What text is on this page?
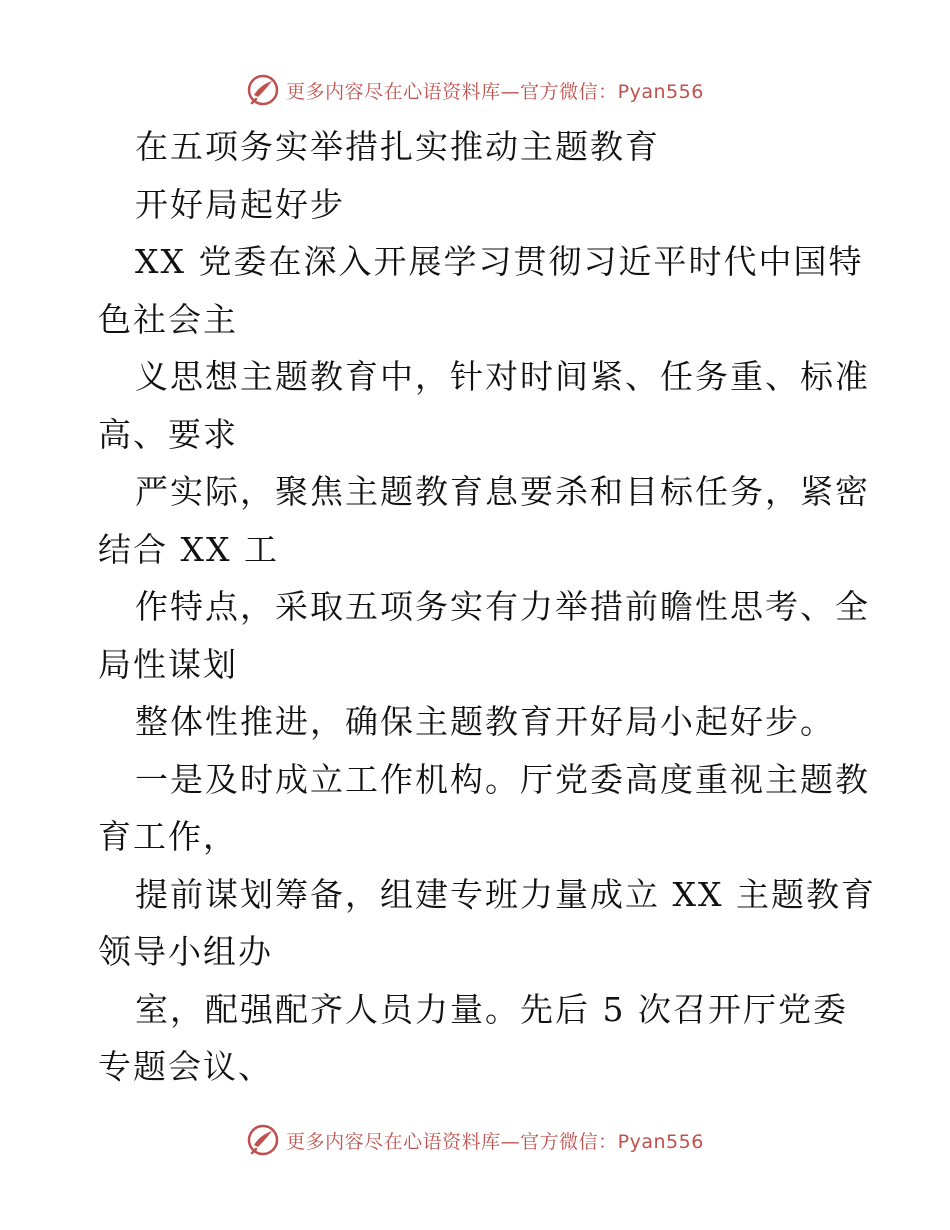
更多内容尽在心语资料库—官方微信：Pyan556
在五项务实举措扎实推动主题教育
开好局起好步
XX 党委在深入开展学习贯彻习近平时代中国特
色社会主
义思想主题教育中，针对时间紧、任务重、标准
高、要求
严实际，聚焦主题教育息要杀和目标任务，紧密
结合 XX 工
作特点，采取五项务实有力举措前瞻性思考、全
局性谋划
整体性推进，确保主题教育开好局小起好步。
一是及时成立工作机构。厅党委高度重视主题教
育工作，
提前谋划筹备，组建专班力量成立 XX 主题教育
领导小组办
室，配强配齐人员力量。先后 5 次召开厅党委
专题会议、
更多内容尽在心语资料库—官方微信：Pyan556
